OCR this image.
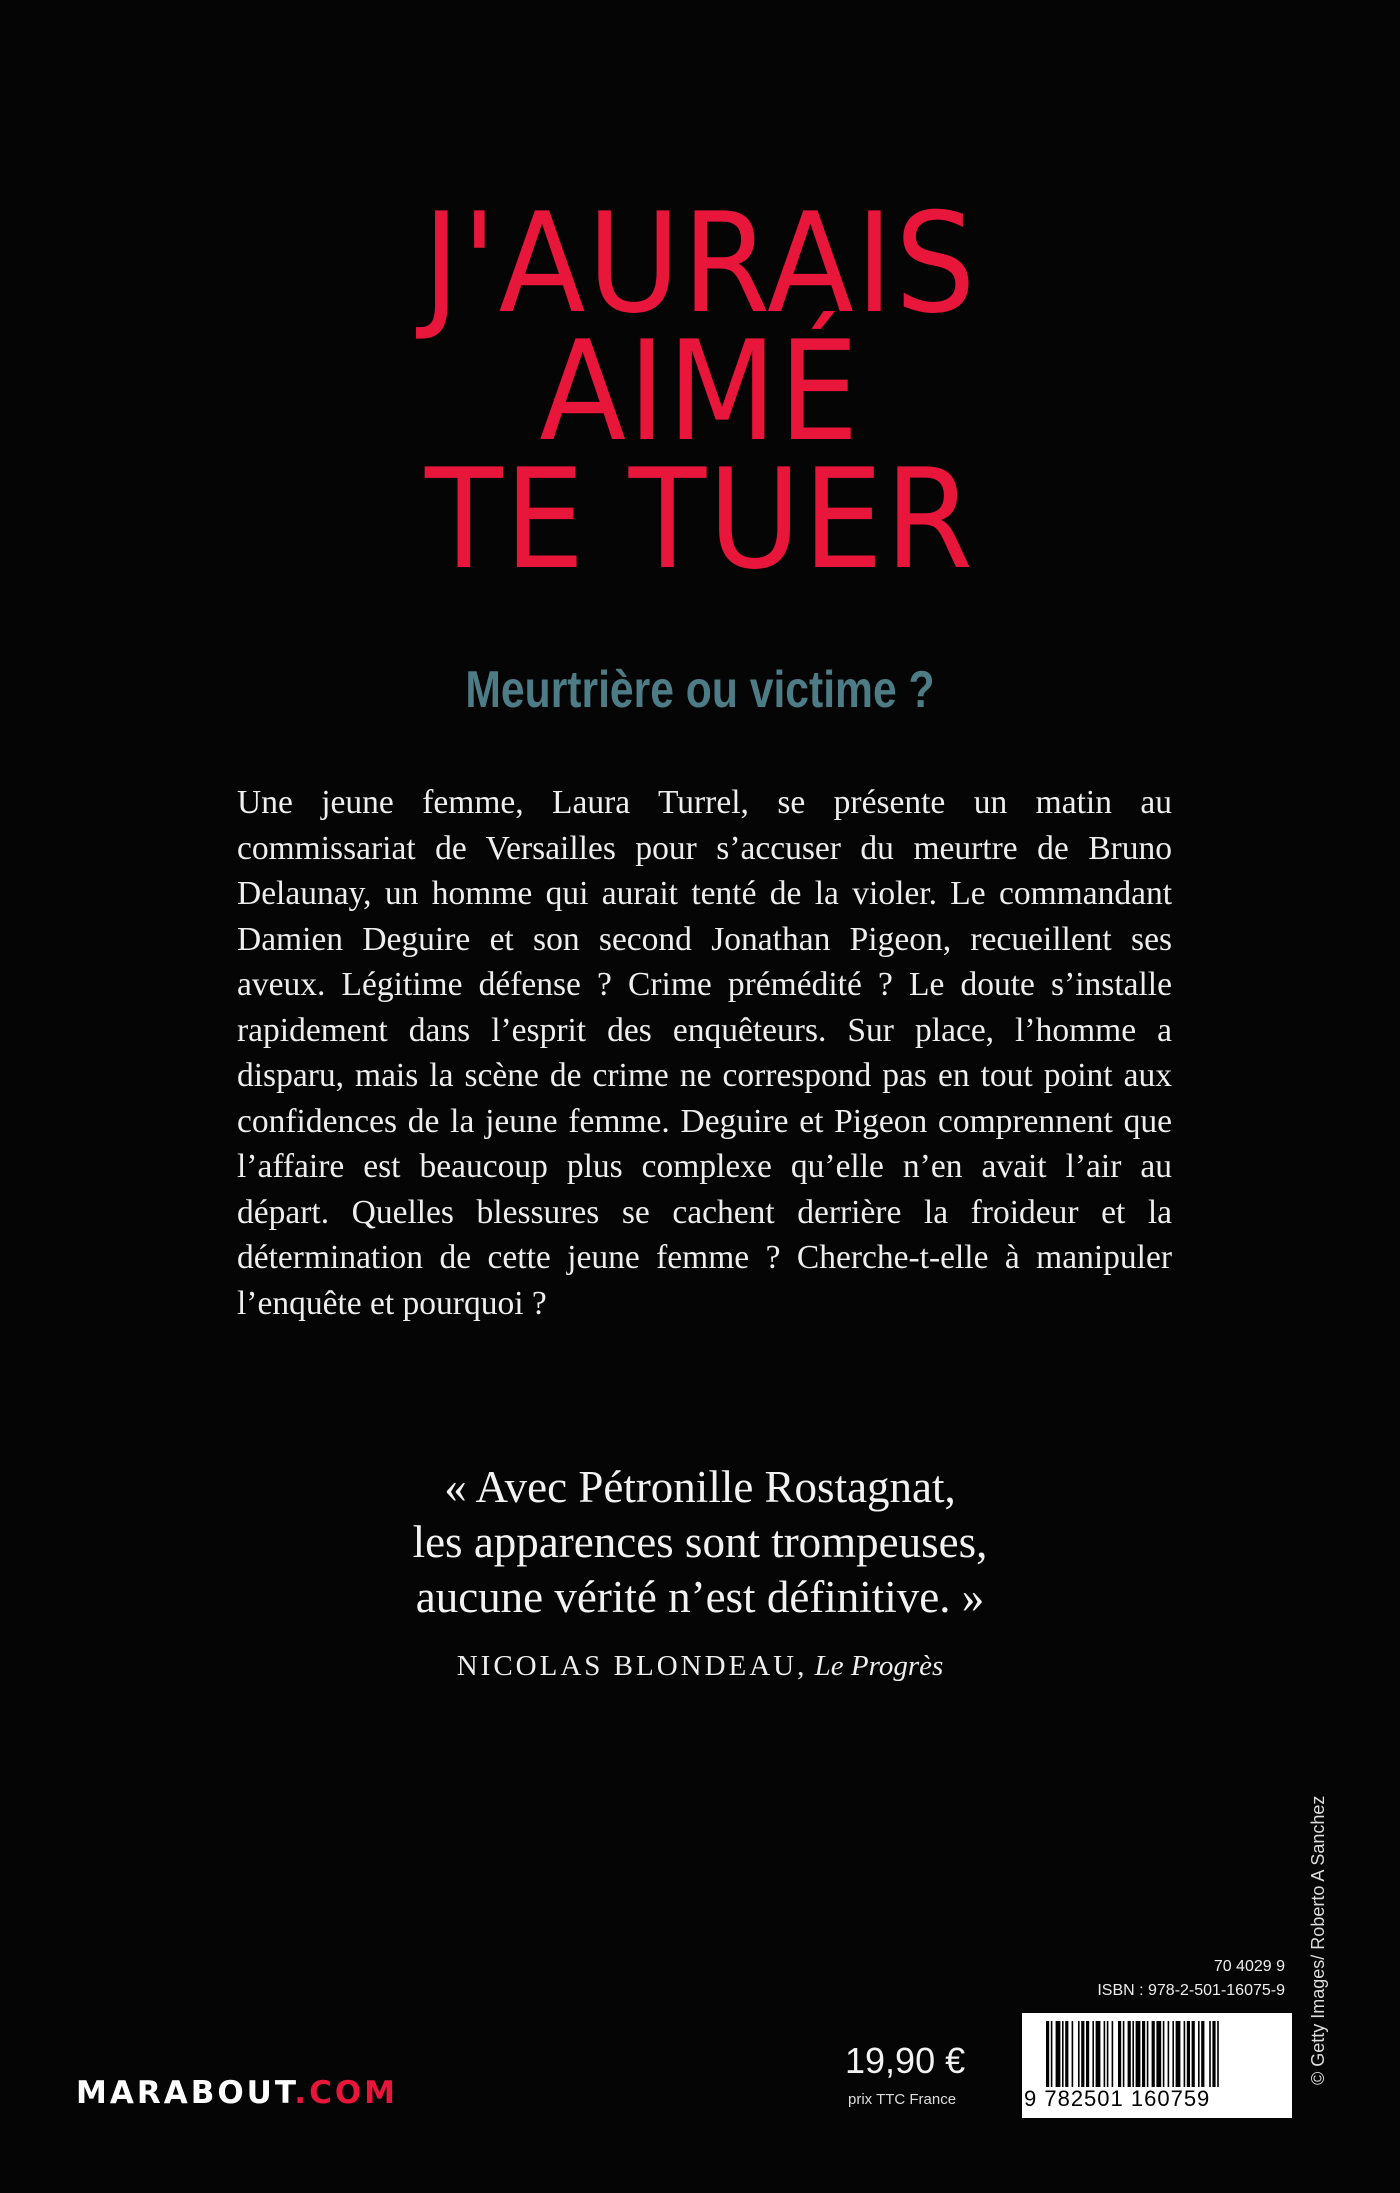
J'AURAIS
AIMÉ
TE TUER
Meurtrière ou victime ?

Une jeune femme, Laura Turrel, se présente un matin au commissariat de Versailles pour s’accuser du meurtre de Bruno Delaunay, un homme qui aurait tenté de la violer. Le commandant Damien Deguire et son second Jonathan Pigeon, recueillent ses aveux. Légitime défense ? Crime prémédité ? Le doute s’installe rapidement dans l’esprit des enquêteurs. Sur place, l’homme a disparu, mais la scène de crime ne correspond pas en tout point aux confidences de la jeune femme. Deguire et Pigeon comprennent que l’affaire est beaucoup plus complexe qu’elle n’en avait l’air au départ. Quelles blessures se cachent derrière la froideur et la détermination de cette jeune femme ? Cherche-t-elle à manipuler l’enquête et pourquoi ?

« Avec Pétronille Rostagnat,
les apparences sont trompeuses,
aucune vérité n’est définitive. »
NICOLAS BLONDEAU, Le Progrès
© Getty Images/ Roberto A Sanchez
70 4029 9
ISBN : 978-2-501-16075-9
9 782501 160759
19,90 €
prix TTC France
MARABOUT.COM
